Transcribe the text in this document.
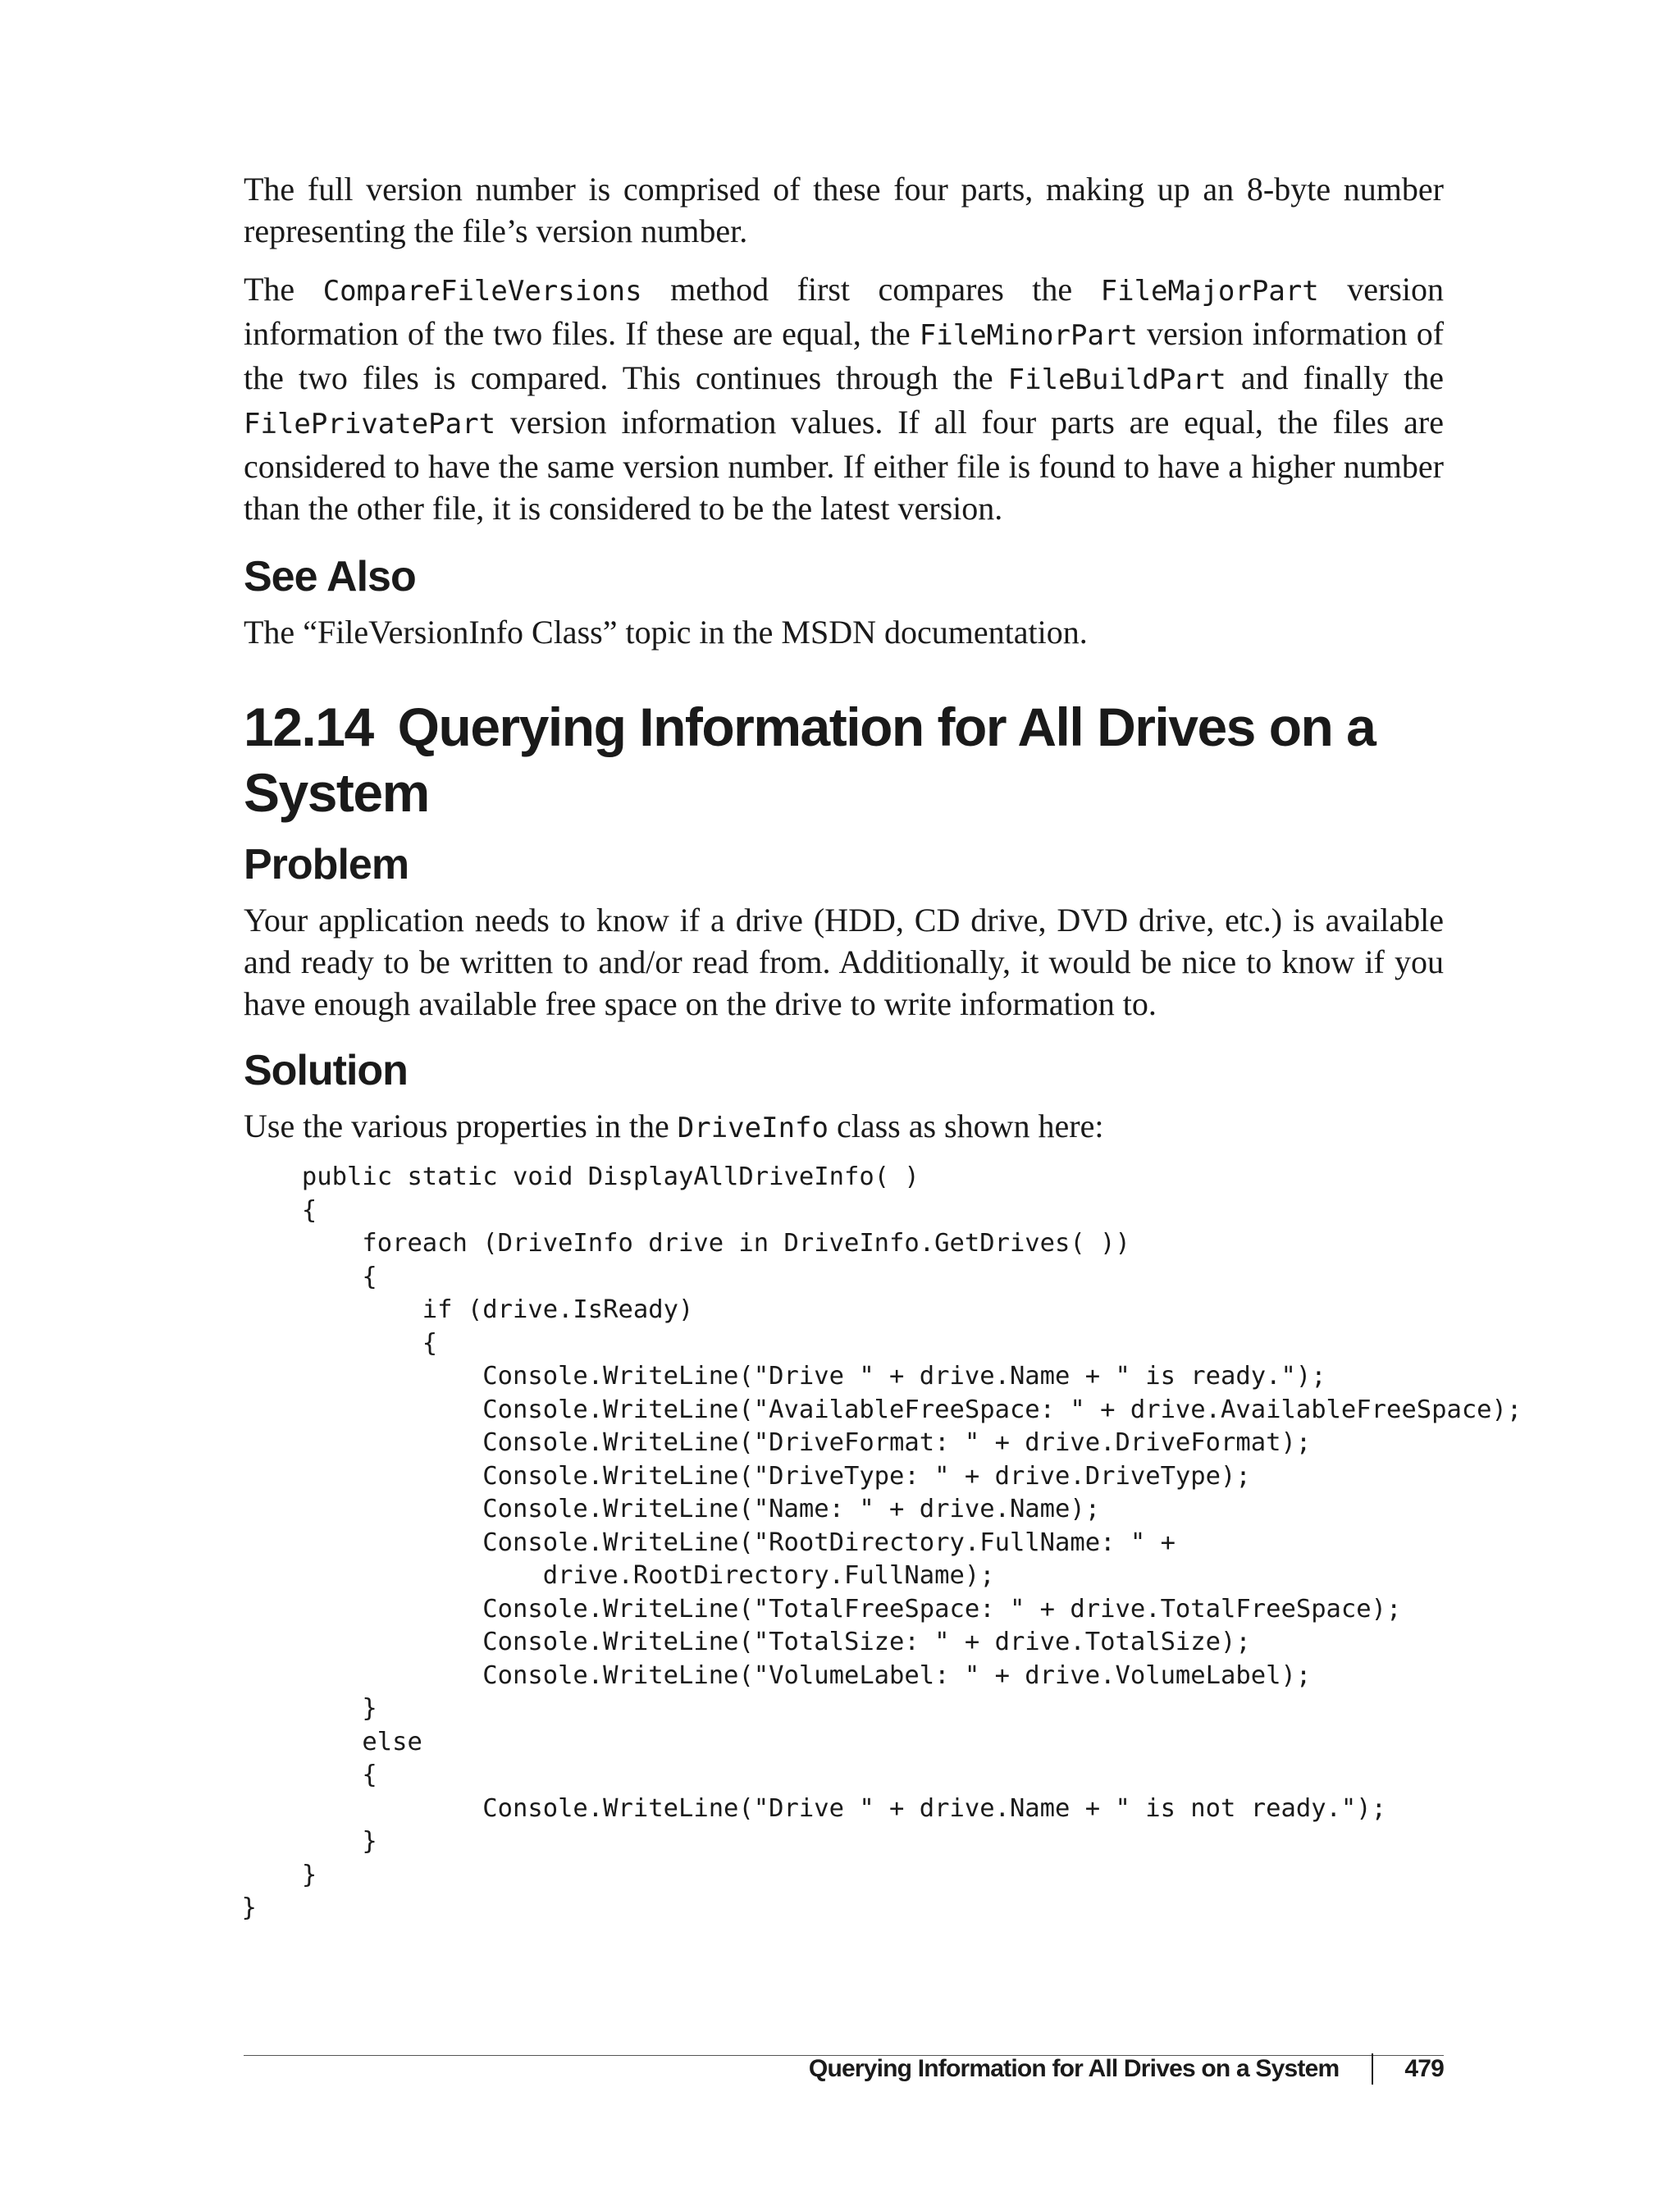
The full version number is comprised of these four parts, making up an 8-byte number representing the file’s version number.

The CompareFileVersions method first compares the FileMajorPart version information of the two files. If these are equal, the FileMinorPart version information of the two files is compared. This continues through the FileBuildPart and finally the FilePrivatePart version information values. If all four parts are equal, the files are considered to have the same version number. If either file is found to have a higher number than the other file, it is considered to be the latest version.

See Also

The “FileVersionInfo Class” topic in the MSDN documentation.

12.14 Querying Information for All Drives on a System
Problem

Your application needs to know if a drive (HDD, CD drive, DVD drive, etc.) is available and ready to be written to and/or read from. Additionally, it would be nice to know if you have enough available free space on the drive to write information to.

Solution

Use the various properties in the DriveInfo class as shown here:

public static void DisplayAllDriveInfo( )
{
foreach (DriveInfo drive in DriveInfo.GetDrives( ))
{
if (drive.IsReady)
{
Console.WriteLine("Drive " + drive.Name + " is ready.");
Console.WriteLine("AvailableFreeSpace: " + drive.AvailableFreeSpace);
Console.WriteLine("DriveFormat: " + drive.DriveFormat);
Console.WriteLine("DriveType: " + drive.DriveType);
Console.WriteLine("Name: " + drive.Name);
Console.WriteLine("RootDirectory.FullName: " +
drive.RootDirectory.FullName);
Console.WriteLine("TotalFreeSpace: " + drive.TotalFreeSpace);
Console.WriteLine("TotalSize: " + drive.TotalSize);
Console.WriteLine("VolumeLabel: " + drive.VolumeLabel);
}
else
{
Console.WriteLine("Drive " + drive.Name + " is not ready.");
}
}
}
Querying Information for All Drives on a System	479
